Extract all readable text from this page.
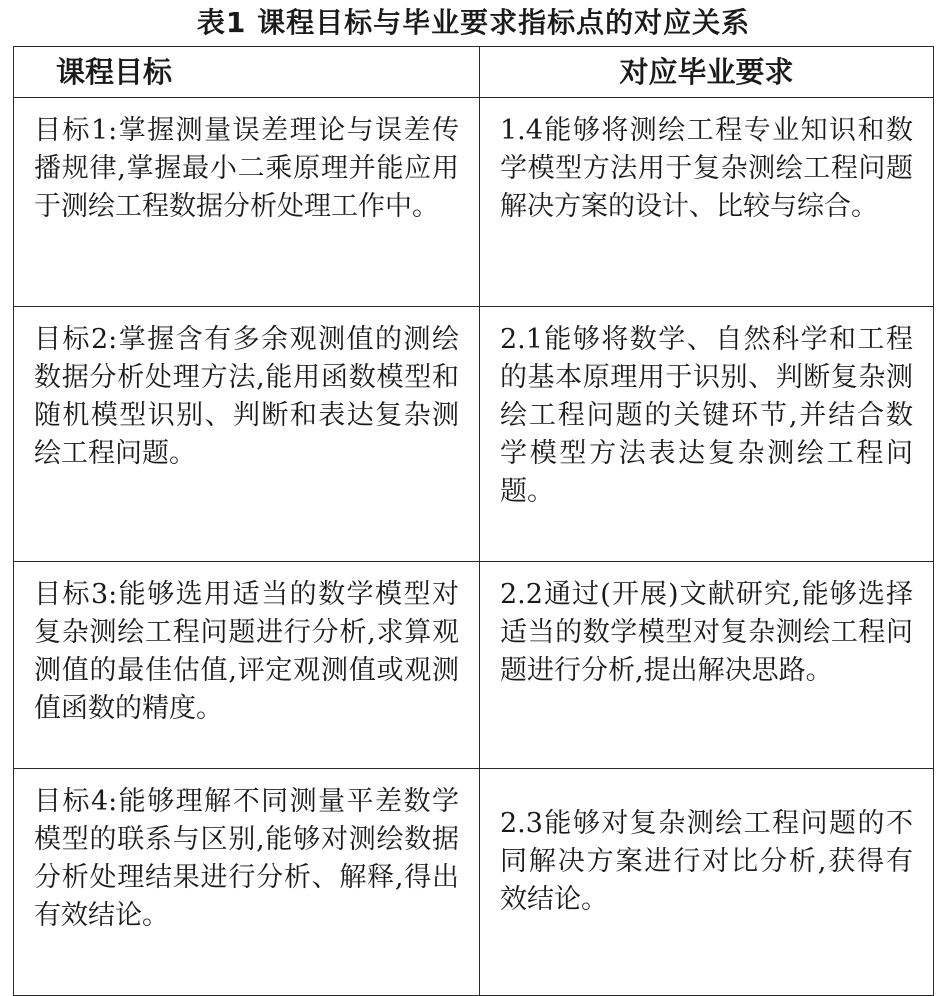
表1 课程目标与毕业要求指标点的对应关系
课程目标	对应毕业要求

目标1:掌握测量误差理论与误差传播规律,掌握最小二乘原理并能应用于测绘工程数据分析处理工作中。	1.4能够将测绘工程专业知识和数学模型方法用于复杂测绘工程问题解决方案的设计、比较与综合。

目标2:掌握含有多余观测值的测绘数据分析处理方法,能用函数模型和随机模型识别、判断和表达复杂测绘工程问题。	2.1能够将数学、自然科学和工程的基本原理用于识别、判断复杂测绘工程问题的关键环节,并结合数学模型方法表达复杂测绘工程问题。

目标3:能够选用适当的数学模型对复杂测绘工程问题进行分析,求算观测值的最佳估值,评定观测值或观测值函数的精度。	2.2通过(开展)文献研究,能够选择适当的数学模型对复杂测绘工程问题进行分析,提出解决思路。

目标4:能够理解不同测量平差数学模型的联系与区别,能够对测绘数据分析处理结果进行分析、解释,得出有效结论。	2.3能够对复杂测绘工程问题的不同解决方案进行对比分析,获得有效结论。
